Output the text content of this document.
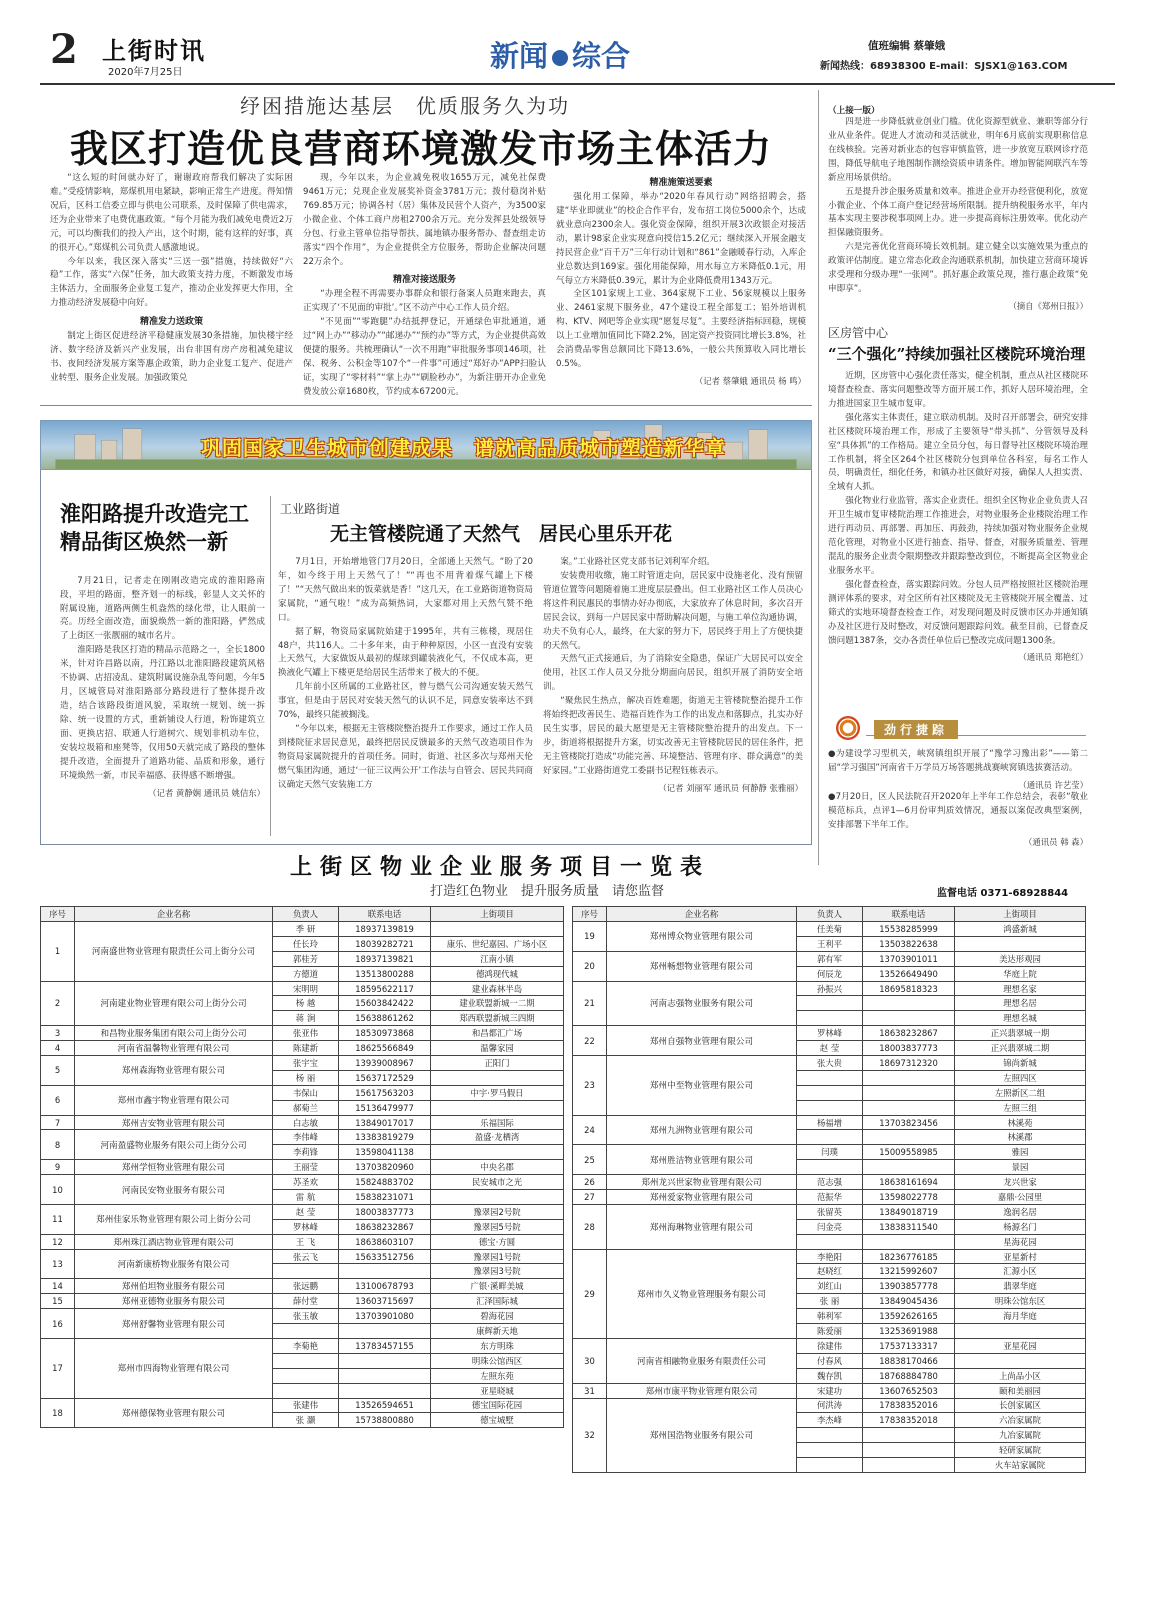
2 上街时讯
2020年7月25日	新闻 综合	值班编辑 蔡肇娥
新闻热线：68938300 E-mail：SJSX1@163.COM
纾困措施达基层　优质服务久为功
我区打造优良营商环境激发市场主体活力

“这么短的时间就办好了，谢谢政府帮我们解决了实际困难。”受疫情影响，郑煤机用电紧缺，影响正常生产进度。得知情况后，区科工信委立即与供电公司联系，及时保障了供电需求，还为企业带来了电费优惠政策。“每个月能为我们减免电费近2万元，可以均衡我们的投入产出，这个时期，能有这样的好事，真的很开心。”郑煤机公司负责人感激地说。

今年以来，我区深入落实“三送一强”措施，持续做好“六稳”工作，落实“六保”任务，加大政策支持力度，不断激发市场主体活力，全面服务企业复工复产，推动企业发挥更大作用，全力推动经济发展稳中向好。

精准发力送政策

制定上街区促进经济平稳健康发展30条措施，加快楼宇经济、数字经济及新兴产业发展，出台非国有房产房租减免建议书、夜间经济发展方案等惠企政策，助力企业复工复产、促进产业转型、服务企业发展。加强政策兑

现，今年以来，为企业减免税收1655万元，减免社保费9461万元；兑现企业发展奖补资金3781万元；拨付稳岗补贴769.85万元；协调各村（居）集体及民营个人资产，为3500家小微企业、个体工商户房租2700余万元。充分发挥县处级领导分包、行业主管单位指导帮扶、属地镇办服务帮办、督查组走访落实“四个作用”，为企业提供全方位服务，帮助企业解决问题22万余个。

精准对接送服务

“办理全程不再需要办事群众和银行备案人员跑来跑去，真正实现了‘不见面的审批’。”区不动产中心工作人员介绍。

“不见面”“零跑腿”办结抵押登记，开通绿色审批通道，通过“网上办”“移动办”“邮递办”“预约办”等方式，为企业提供高效便捷的服务。共梳理确认“一次不用跑”审批服务事项146项，社保、税务、公积金等107个“一件事”可通过“郑好办”APP扫脸认证，实现了“零材料”“掌上办”“刷脸秒办”，为新注册开办企业免费发放公章1680枚，节约成本67200元。

精准施策送要素

强化用工保障，举办“2020年春风行动”网络招聘会，搭建“毕业即就业”的校企合作平台，发布招工岗位5000余个，达成就业意向2300余人。强化资金保障，组织开展3次政银企对接活动，累计98家企业实现意向授信15.2亿元；继续深入开展金融支持民营企业“百千万”三年行动计划和“861”金融暖春行动，入库企业总数达到169家。强化用能保障，用水每立方米降低0.1元，用气每立方米降低0.39元，累计为企业降低费用1343万元。

全区101家规上工业、364家规下工业、56家规模以上服务业、2461家规下服务业，47个建设工程全部复工；铝外培训机构、KTV、网吧等企业实现“愿复尽复”。主要经济指标回稳，规模以上工业增加值同比下降2.2%，固定资产投资同比增长3.8%，社会消费品零售总额同比下降13.6%，一般公共预算收入同比增长0.5%。

（记者 蔡肇娥 通讯员 杨 鸣）
（上接一版）

四是进一步降低就业创业门槛。优化资源型就业、兼职等部分行业从业条件。促进人才流动和灵活就业，明年6月底前实现职称信息在线核验。完善对新业态的包容审慎监管，进一步放宽互联网诊疗范围，降低导航电子地图制作测绘资质申请条件。增加智能网联汽车等新应用场景供给。

五是提升涉企服务质量和效率。推进企业开办经营便利化，放宽小微企业、个体工商户登记经营场所限制。提升纳税服务水平，年内基本实现主要涉税事项网上办。进一步提高商标注册效率。优化动产担保融资服务。

六是完善优化营商环境长效机制。建立健全以实施效果为重点的政策评估制度。建立常态化政企沟通联系机制，加快建立营商环境诉求受理和分级办理“一张网”。抓好惠企政策兑现，推行惠企政策“免申即享”。

（摘自《郑州日报》）
区房管中心
“三个强化”持续加强社区楼院环境治理

近期，区房管中心强化责任落实，健全机制，重点从社区楼院环境督查检查、落实问题整改等方面开展工作，抓好人居环境治理，全力推进国家卫生城市复审。

强化落实主体责任，建立联动机制。及时召开部署会，研究安排社区楼院环境治理工作，形成了主要领导“带头抓”、分管领导及科室“具体抓”的工作格局。建立全员分包，每日督导社区楼院环境治理工作机制，将全区264个社区楼院分包到单位各科室，每名工作人员，明确责任，细化任务，和镇办社区做好对接，确保人人担实责、全域有人抓。

强化物业行业监管，落实企业责任。组织全区物业企业负责人召开卫生城市复审楼院治理工作推进会，对物业服务企业楼院治理工作进行再动员、再部署、再加压、再鼓劲，持续加强对物业服务企业规范化管理，对物业小区进行抽查、指导、督查，对服务质量差、管理混乱的服务企业责令限期整改并跟踪整改到位，不断提高全区物业企业服务水平。

强化督查检查，落实跟踪问效。分包人员严格按照社区楼院治理测评体系的要求，对全区所有社区楼院及无主管楼院开展全覆盖、过筛式的实地环境督查检查工作，对发现问题及时反馈市区办并通知镇办及社区进行及时整改，对反馈问题跟踪问效。截至目前，已督查反馈问题1387条，交办各责任单位后已整改完成问题1300条。

（通讯员 郑艳红）
劲行捷踪

●为建设学习型机关，峡窝镇组织开展了“豫学习豫出彩”——第二届“学习强国”河南省千万学员万场答题挑战赛峡窝镇选拔赛活动。

（通讯员 许艺莹）

●7月20日，区人民法院召开2020年上半年工作总结会，表彰“敬业模范标兵，点评1—6月份审判质效情况，通报以案促改典型案例，安排部署下半年工作。

（通讯员 韩 森）
巩固国家卫生城市创建成果　谱就高品质城市塑造新华章
淮阳路提升改造完工
精品街区焕然一新

7月21日，记者走在刚刚改造完成的淮阳路南段，平坦的路面，整齐划一的标线，彰显人文关怀的附属设施，道路两侧生机盎然的绿化带，让人眼前一亮。历经全面改造，面貌焕然一新的淮阳路，俨然成了上街区一张靓丽的城市名片。

淮阳路是我区打造的精品示范路之一，全长1800米，针对许昌路以南，丹江路以北淮阳路段建筑风格不协调、店招凌乱、建筑附属设施杂乱等问题，今年5月，区城管局对淮阳路部分路段进行了整体提升改造，结合该路段街道风貌，采取统一规划、统一拆除、统一设置的方式，重新铺设人行道，粉饰建筑立面、更换店招、联通人行道树穴、规划非机动车位，安装垃圾箱和座凳等，仅用50天就完成了路段的整体提升改造，全面提升了道路功能、品质和形象，通行环境焕然一新，市民幸福感、获得感不断增强。

（记者 黄静娴 通讯员 姚佶东）
工业路街道
无主管楼院通了天然气　居民心里乐开花

7月1日，开始增地管门7月20日，全部通上天然气。“盼了20年，如今终于用上天然气了！”“再也不用背着煤气罐上下楼了！”“天然气做出来的饭菜就是香！”这几天，在工业路街道物资局家属院，“通气啦！”成为高频热词，大家都对用上天然气赞不绝口。

据了解，物资局家属院始建于1995年，共有三栋楼，现居住48户，共116人。二十多年来，由于种种原因，小区一直没有安装上天然气，大家做饭从最初的煤球到罐装液化气，不仅成本高，更换液化气罐上下楼更是给居民生活带来了极大的不便。

几年前小区所属的工业路社区，曾与燃气公司沟通安装天然气事宜，但是由于居民对安装天然气的认识不足，同意安装率达不到70%，最终只能被搁浅。

“今年以来，根据无主管楼院整治提升工作要求，通过工作人员到楼院征求居民意见，最终把居民反馈最多的天然气改造项目作为物资局家属院提升的首项任务。同时，街道、社区多次与郑州天伦燃气集团沟通，通过‘一征三议两公开’工作法与自管会、居民共同商议确定天然气安装施工方

案。”工业路社区党支部书记刘利军介绍。

安装费用收缴，施工时管道走向，居民家中设施老化、没有预留管道位置等问题随着施工进度层层叠出。但工业路社区工作人员决心将这件利民惠民的事情办好办彻底，大家放弃了休息时间，多次召开居民会议，到每一户居民家中帮助解决问题，与施工单位沟通协调，功夫不负有心人，最终，在大家的努力下，居民终于用上了方便快捷的天然气。

天然气正式接通后，为了消除安全隐患，保证广大居民可以安全使用，社区工作人员又分批分期面向居民，组织开展了消防安全培训。

“聚焦民生热点，解决百姓难题，街道无主管楼院整治提升工作将始终把改善民生、造福百姓作为工作的出发点和落脚点，扎实办好民生实事，居民的最大愿望是无主管楼院整治提升的出发点。下一步，街道将根据提升方案，切实改善无主管楼院居民的居住条件，把无主管楼院打造成“功能完善、环境整洁、管理有序、群众满意”的美好家园。”工业路街道党工委副书记程钰栋表示。

（记者 刘丽军 通讯员 何静静 张雅丽）
上街区物业企业服务项目一览表
打造红色物业　提升服务质量　请您监督	监督电话 0371-68928844
序号	企业名称	负责人	联系电话	上街项目
1	河南盛世物业管理有限责任公司上街分公司	季 研	18937139819	
		任长玲	18039282721	康乐、世纪嘉园、广场小区
		郭桂芳	18937139821	江南小镇
		方德道	13513800288	德鸿现代城
2	河南建业物业管理有限公司上街分公司	宋明明	18595622117	建业森林半岛
		杨 越	15603842422	建业联盟新城一二期
		蒋 涧	15638861262	郑西联盟新城三四期
3	和昌物业服务集团有限公司上街分公司	张亚伟	18530973868	和昌都汇广场
4	河南省温馨物业管理有限公司	陈建新	18625566849	温馨家园
5	郑州森海物业管理有限公司	张宇宝	13939008967	正阳门
		杨 丽	15637172529	
6	郑州市鑫宇物业管理有限公司	韦保山	15617563203	中宇·罗马假日
		郝菊兰	15136479977	
7	郑州吉安物业管理有限公司	白志敏	13849017017	乐福国际
8	河南盈盛物业服务有限公司上街分公司	李伟峰	13383819279	盈盛·龙栖湾
		李莉锋	13598041138	
9	郑州学恒物业管理有限公司	王丽莹	13703820960	中央名郡
10	河南民安物业服务有限公司	苏圣欢	15824883702	民安城市之光
		雷 航	15838231071	
11	郑州佳家乐物业管理有限公司上街分公司	赵 莹	18003837773	豫翠园2号院
		罗林峰	18638232867	豫翠园5号院
12	郑州珠江酒店物业管理有限公司	王 飞	18638603107	德宝·方圆
13	河南新康桥物业服务有限公司	张云飞	15633512756	豫翠园1号院
				豫翠园3号院
14	郑州伯坦物业服务有限公司	张远鹏	13100678793	广银·溪畔美城
15	郑州亚德物业服务有限公司	薛付堂	13603715697	汇泽国际城
16	郑州舒馨物业管理有限公司	张玉敏	13703901080	碧海花园
				康辉新天地
17	郑州市四海物业管理有限公司	李菊艳	13783457155	东方明珠
				明珠公馆西区
				左照东苑
				亚星晓城
18	郑州德保物业管理有限公司	张建伟	13526594651	德宝国际花园
		张 灏	15738800880	德宝城墅
序号	企业名称	负责人	联系电话	上街项目
19	郑州博众物业管理有限公司	任美菊	15538285999	鸿盛新城
		王利平	13503822638	
20	郑州畅想物业管理有限公司	郭有军	13703901011	美达形观园
		何辰龙	13526649490	华庭上院
21	河南志强物业服务有限公司	孙振兴	18695818323	理想名家
				理想名居
				理想名城
22	郑州自强物业管理有限公司	罗林峰	18638232867	正兴翡翠城一期
		赵 莹	18003837773	正兴翡翠城二期
23	郑州中至物业管理有限公司	张大贵	18697312320	锦尚新城
				左照四区
				左照新区二组
				左照三组
24	郑州九洲物业管理有限公司	杨福增	13703823456	林溪苑
				林溪郡
25	郑州胜洁物业管理有限公司	闫璞	15009558985	雅园
				景园
26	郑州龙兴世家物业管理有限公司	范志强	18638161694	龙兴世家
27	郑州爱家物业管理有限公司	范振华	13598022778	嘉鼎·公园里
28	郑州海琳物业管理有限公司	张留英	13849018719	逸润名居
		闫金亮	13838311540	杨源名门
				星海花园
29	郑州市久义物业管理服务有限公司	李艳阳	18236776185	亚星新村
		赵晓红	13215992607	汇源小区
		刘红山	13903857778	翡翠华庭
		张 丽	13849045436	明珠公馆东区
		韩利军	13592626165	海月华庭
		陈爱丽	13253691988	
30	河南省相融物业服务有限责任公司	徐建伟	17537133317	亚星花园
		付春风	18838170466	
		魏存凯	18768884780	上尚品小区
31	郑州市康平物业管理有限公司	宋建功	13607652503	颐和美丽园
32	郑州国浩物业服务有限公司	何洪涛	17838352016	长创家属区
		李杰峰	17838352018	六冶家属院
				九冶家属院
				轻研家属院
				火车站家属院
